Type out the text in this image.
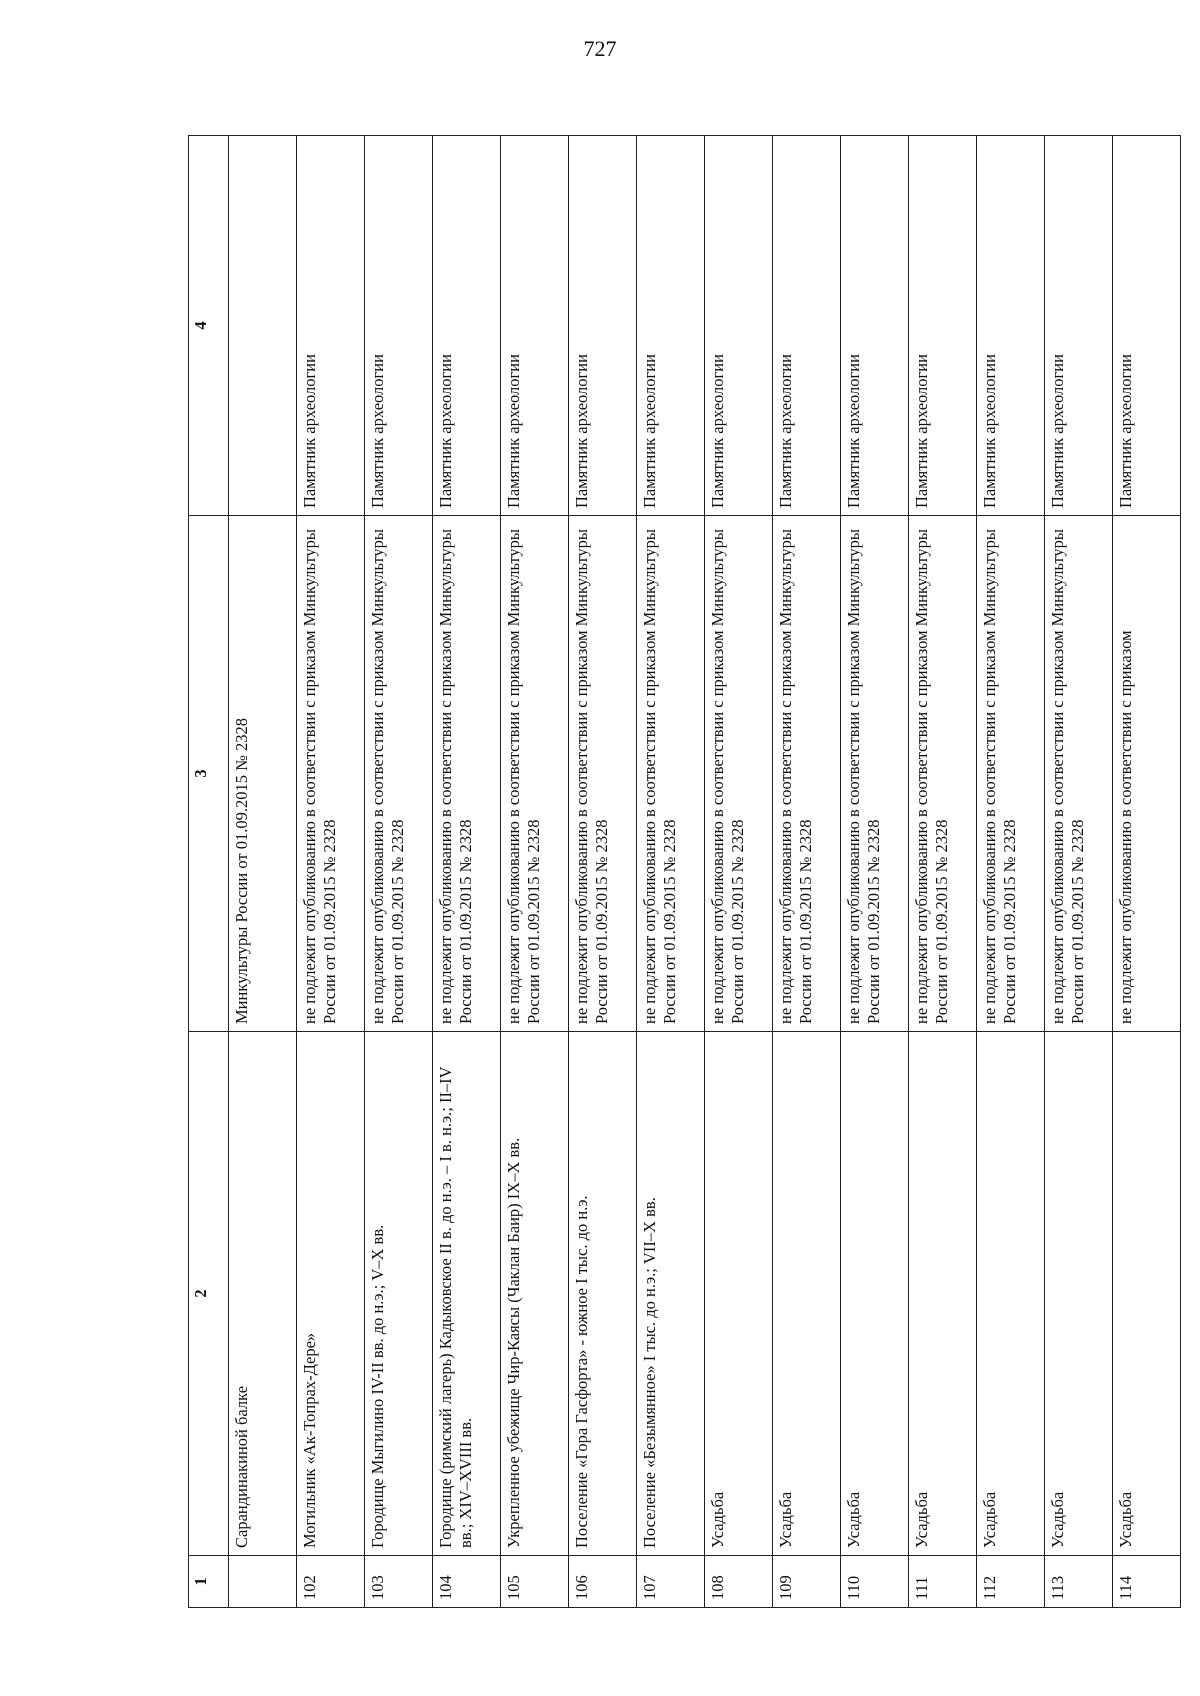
727
1	2	3	4
	Сарандинакиной балке	Минкультуры России от 01.09.2015 № 2328	
102	Могильник «Ак-Топрах-Дере»	не подлежит опубликованию в соответствии с приказом Минкультуры России от 01.09.2015 № 2328	Памятник археологии
103	Городище Мыгилино IV-II вв. до н.э.; V–X вв.	не подлежит опубликованию в соответствии с приказом Минкультуры России от 01.09.2015 № 2328	Памятник археологии
104	Городище (римский лагерь) Кадыковское II в. до н.э. – I в. н.э.; II–IV вв.; XIV–XVIII вв.	не подлежит опубликованию в соответствии с приказом Минкультуры России от 01.09.2015 № 2328	Памятник археологии
105	Укрепленное убежище Чир-Каясы (Чаклан Баир) IX–X вв.	не подлежит опубликованию в соответствии с приказом Минкультуры России от 01.09.2015 № 2328	Памятник археологии
106	Поселение «Гора Гасфорта» - южное I тыс. до н.э.	не подлежит опубликованию в соответствии с приказом Минкультуры России от 01.09.2015 № 2328	Памятник археологии
107	Поселение «Безымянное» I тыс. до н.э.; VII–X вв.	не подлежит опубликованию в соответствии с приказом Минкультуры России от 01.09.2015 № 2328	Памятник археологии
108	Усадьба	не подлежит опубликованию в соответствии с приказом Минкультуры России от 01.09.2015 № 2328	Памятник археологии
109	Усадьба	не подлежит опубликованию в соответствии с приказом Минкультуры России от 01.09.2015 № 2328	Памятник археологии
110	Усадьба	не подлежит опубликованию в соответствии с приказом Минкультуры России от 01.09.2015 № 2328	Памятник археологии
111	Усадьба	не подлежит опубликованию в соответствии с приказом Минкультуры России от 01.09.2015 № 2328	Памятник археологии
112	Усадьба	не подлежит опубликованию в соответствии с приказом Минкультуры России от 01.09.2015 № 2328	Памятник археологии
113	Усадьба	не подлежит опубликованию в соответствии с приказом Минкультуры России от 01.09.2015 № 2328	Памятник археологии
114	Усадьба	не подлежит опубликованию в соответствии с приказом	Памятник археологии
